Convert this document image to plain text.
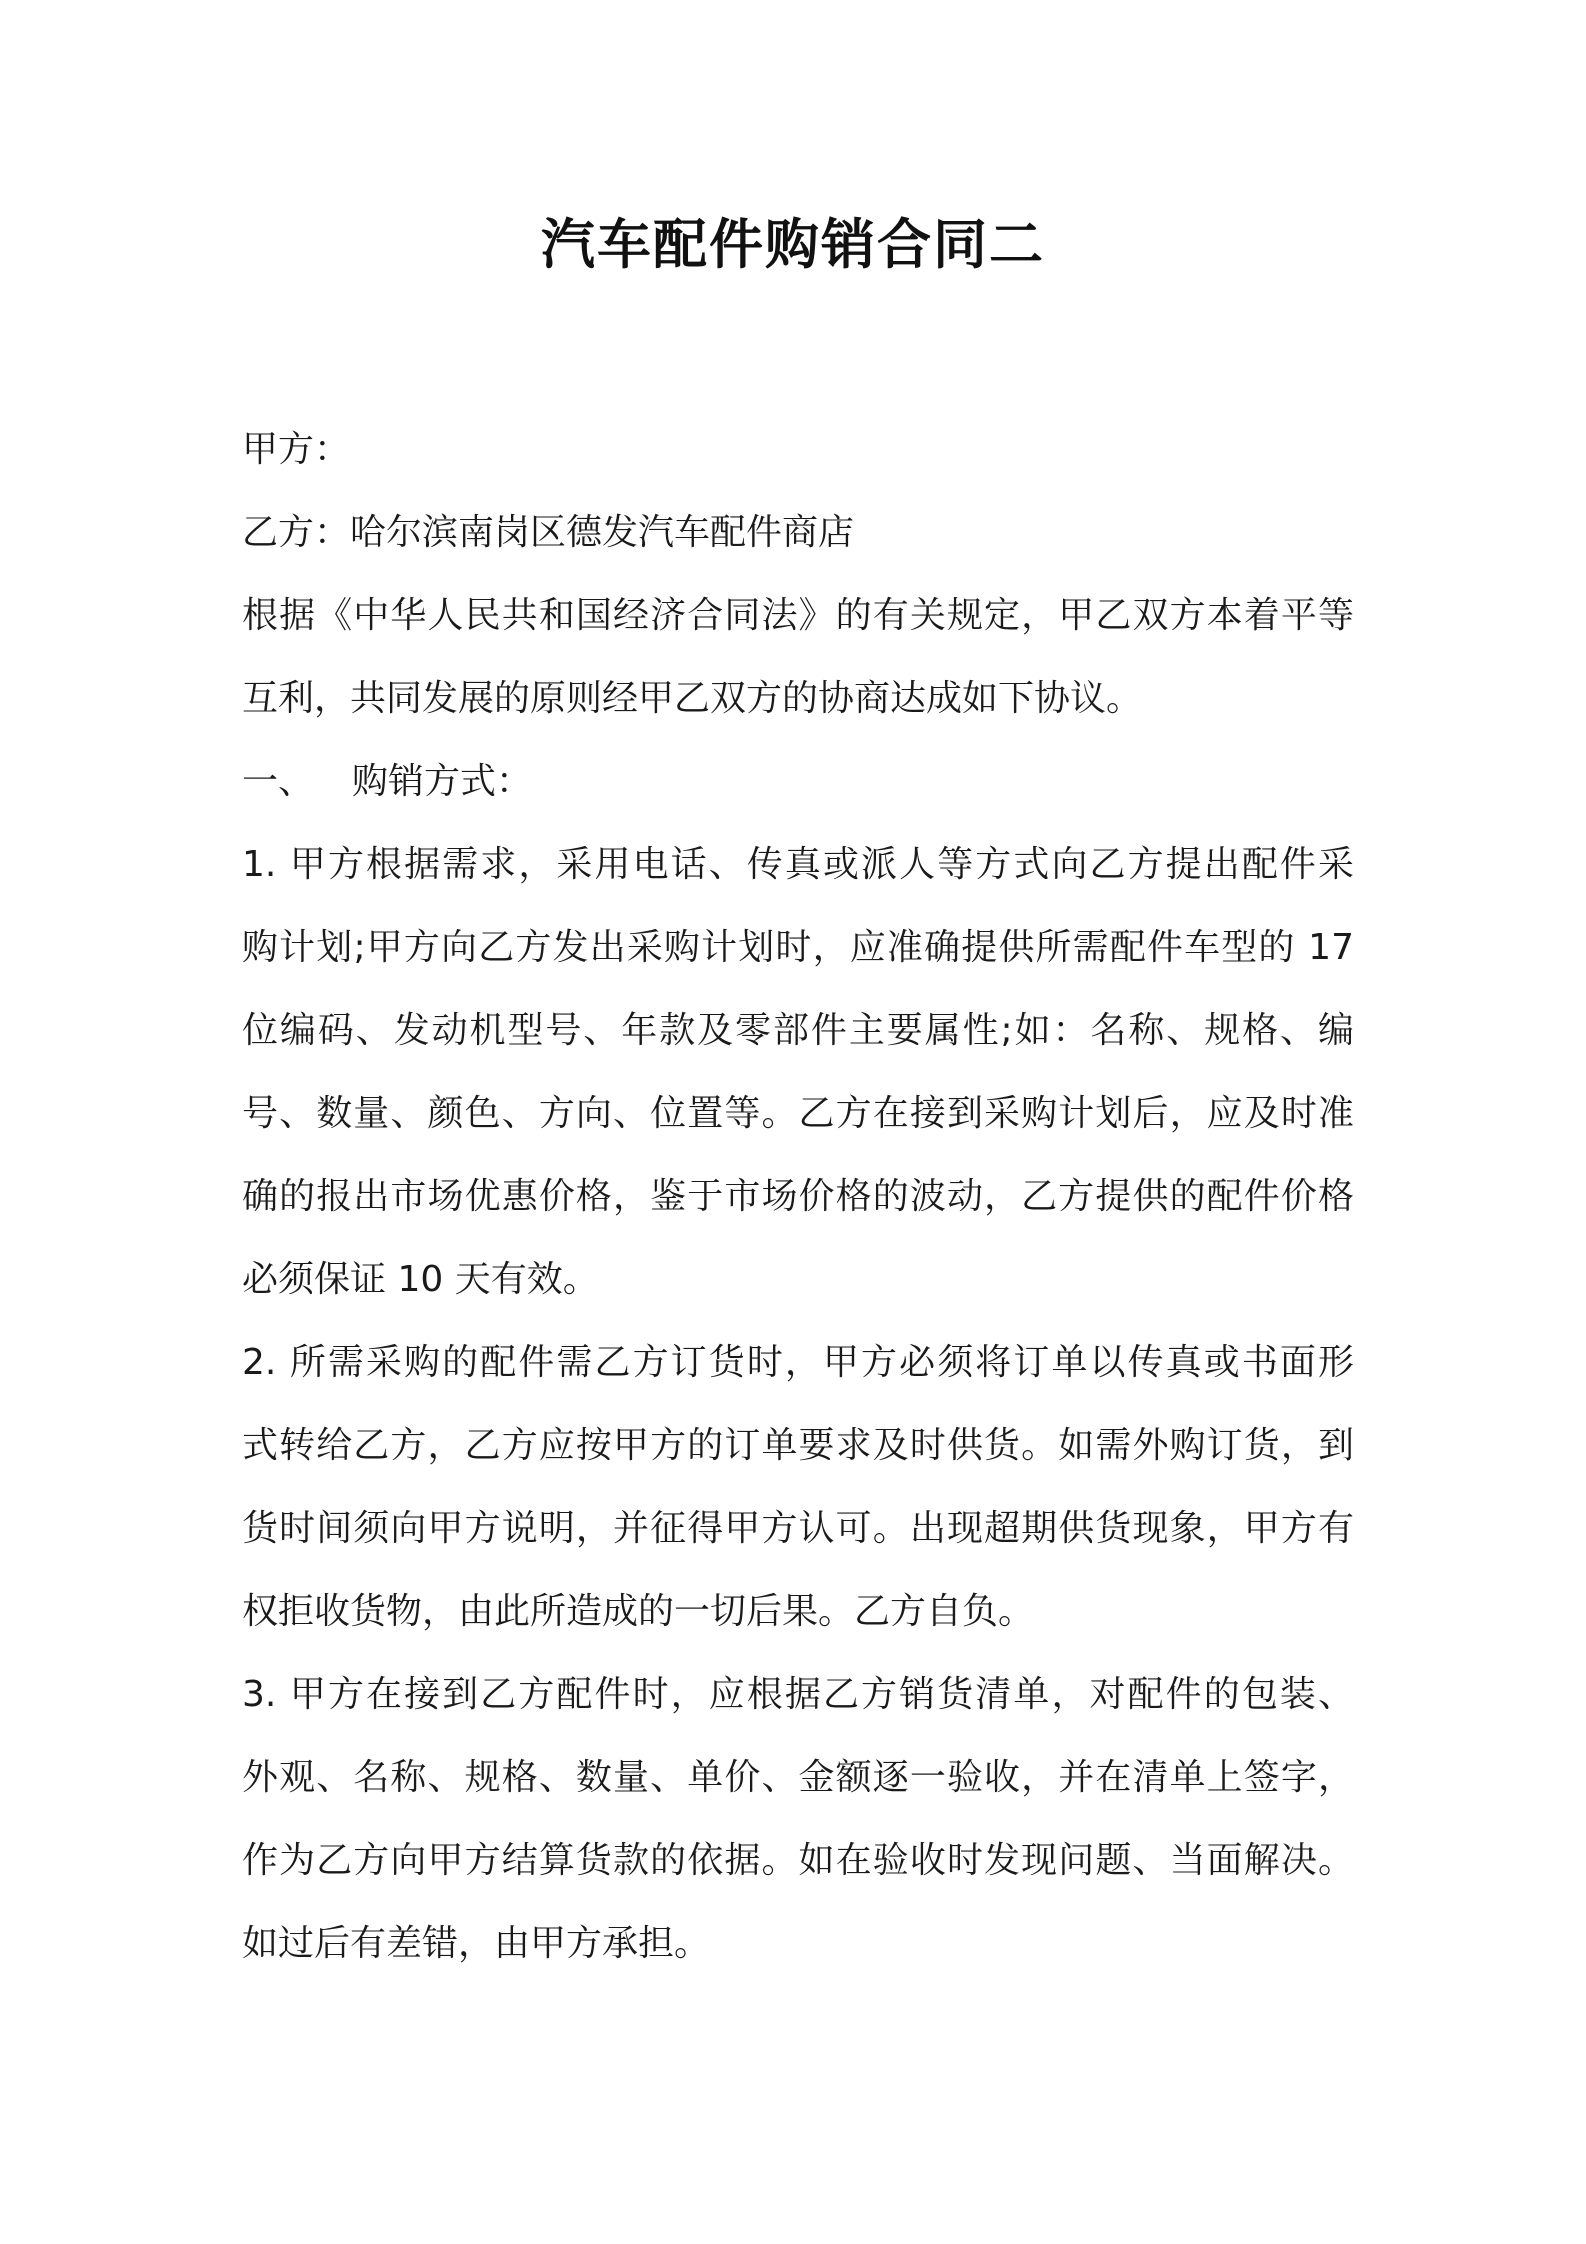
汽车配件购销合同二
甲方：
乙方：哈尔滨南岗区德发汽车配件商店
根据《中华人民共和国经济合同法》的有关规定，甲乙双方本着平等
互利，共同发展的原则经甲乙双方的协商达成如下协议。
一、 购销方式：
1. 甲方根据需求，采用电话、传真或派人等方式向乙方提出配件采
购计划;甲方向乙方发出采购计划时，应准确提供所需配件车型的 17
位编码、发动机型号、年款及零部件主要属性;如：名称、规格、编
号、数量、颜色、方向、位置等。乙方在接到采购计划后，应及时准
确的报出市场优惠价格，鉴于市场价格的波动，乙方提供的配件价格
必须保证 10 天有效。
2. 所需采购的配件需乙方订货时，甲方必须将订单以传真或书面形
式转给乙方，乙方应按甲方的订单要求及时供货。如需外购订货，到
货时间须向甲方说明，并征得甲方认可。出现超期供货现象，甲方有
权拒收货物，由此所造成的一切后果。乙方自负。
3. 甲方在接到乙方配件时，应根据乙方销货清单，对配件的包装、
外观、名称、规格、数量、单价、金额逐一验收，并在清单上签字，
作为乙方向甲方结算货款的依据。如在验收时发现问题、当面解决。
如过后有差错，由甲方承担。
